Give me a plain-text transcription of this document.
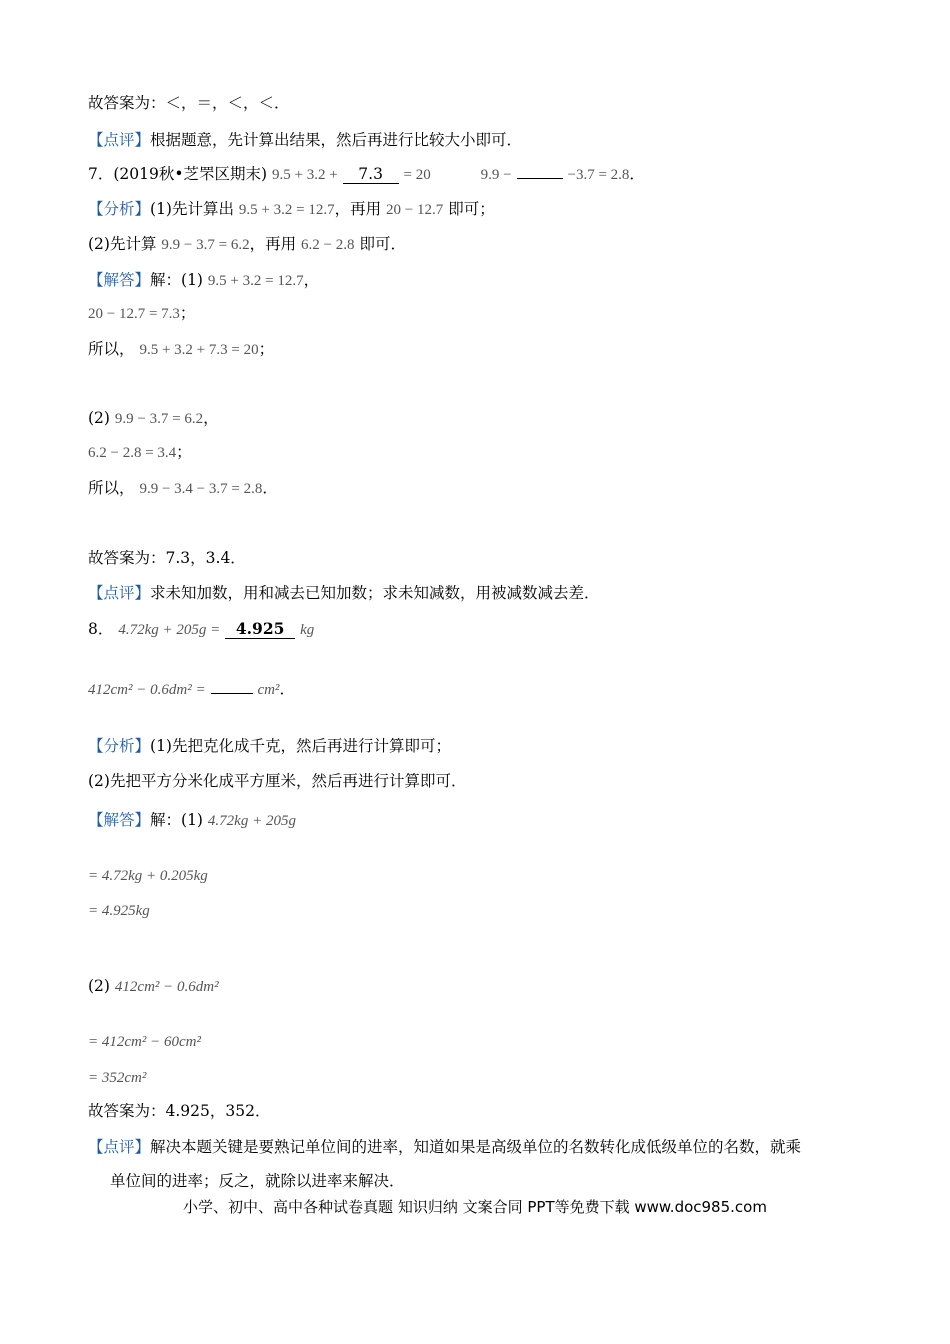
故答案为：＜，＝，＜，＜．
【点评】根据题意，先计算出结果，然后再进行比较大小即可．
7．(2019秋•芝罘区期末) 9.5 + 3.2 + 7.3 = 20	9.9 −	−3.7 = 2.8．
【分析】(1)先计算出 9.5 + 3.2 = 12.7，再用 20 − 12.7 即可；
(2)先计算 9.9 − 3.7 = 6.2，再用 6.2 − 2.8 即可．
【解答】解：(1) 9.5 + 3.2 = 12.7，
20 − 12.7 = 7.3；
所以， 9.5 + 3.2 + 7.3 = 20；
(2) 9.9 − 3.7 = 6.2，
6.2 − 2.8 = 3.4；
所以， 9.9 − 3.4 − 3.7 = 2.8．
故答案为：7.3，3.4．
【点评】求未知加数，用和减去已知加数；求未知减数，用被减数减去差．
8． 4.72kg + 205g = 4.925 kg
412cm² − 0.6dm² =	cm²．
【分析】(1)先把克化成千克，然后再进行计算即可；
(2)先把平方分米化成平方厘米，然后再进行计算即可．
【解答】解：(1) 4.72kg + 205g
= 4.72kg + 0.205kg
= 4.925kg
(2) 412cm² − 0.6dm²
= 412cm² − 60cm²
= 352cm²
故答案为：4.925，352．
【点评】解决本题关键是要熟记单位间的进率，知道如果是高级单位的名数转化成低级单位的名数，就乘
单位间的进率；反之，就除以进率来解决．
小学、初中、高中各种试卷真题 知识归纳 文案合同 PPT等免费下载 www.doc985.com
